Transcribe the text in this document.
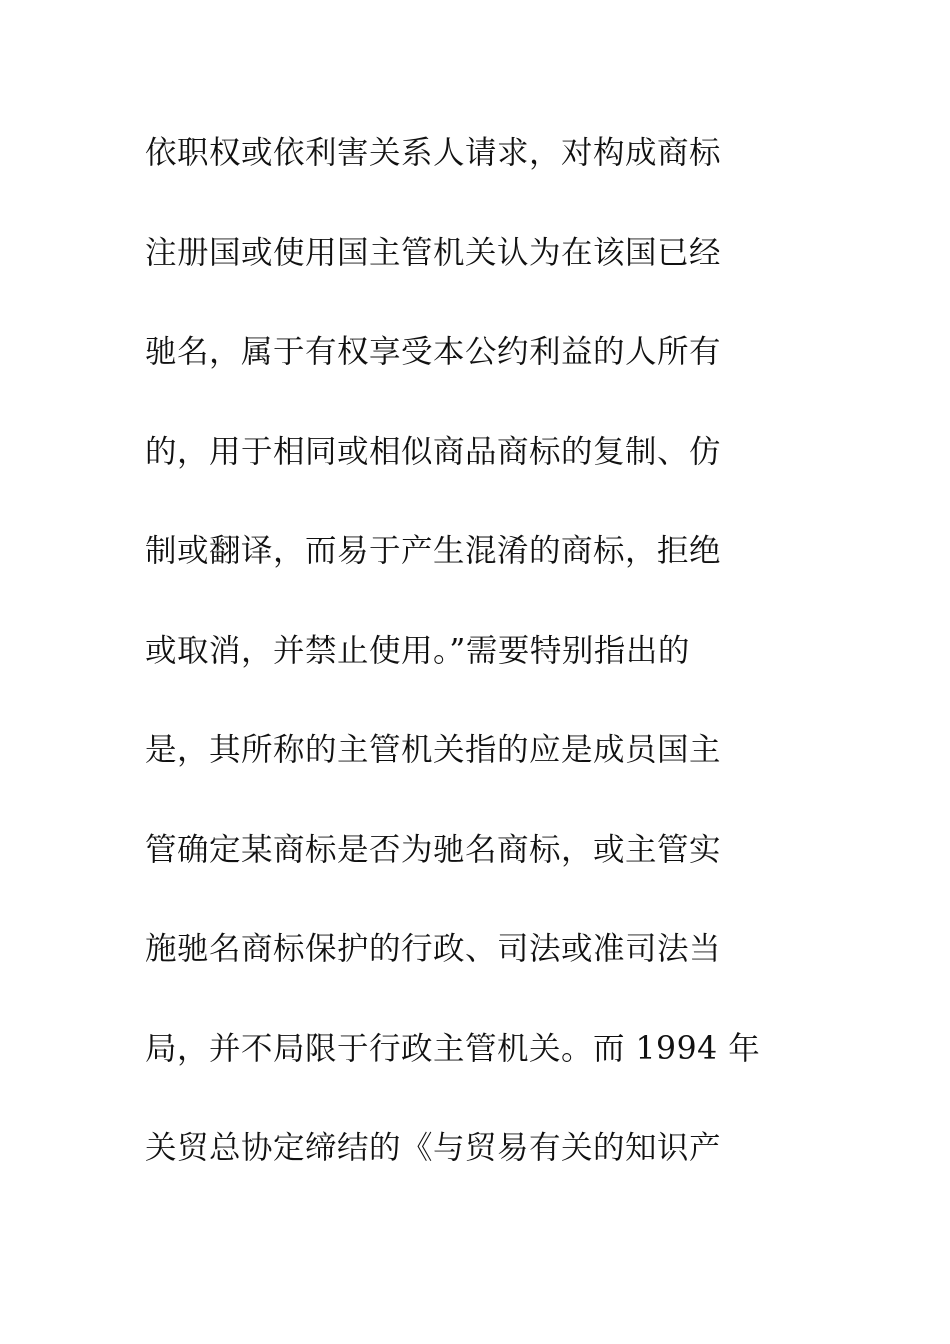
依职权或依利害关系人请求，对构成商标
注册国或使用国主管机关认为在该国已经
驰名，属于有权享受本公约利益的人所有
的，用于相同或相似商品商标的复制、仿
制或翻译，而易于产生混淆的商标，拒绝
或取消，并禁止使用。”需要特别指出的
是，其所称的主管机关指的应是成员国主
管确定某商标是否为驰名商标，或主管实
施驰名商标保护的行政、司法或准司法当
局，并不局限于行政主管机关。而 1994 年
关贸总协定缔结的《与贸易有关的知识产
